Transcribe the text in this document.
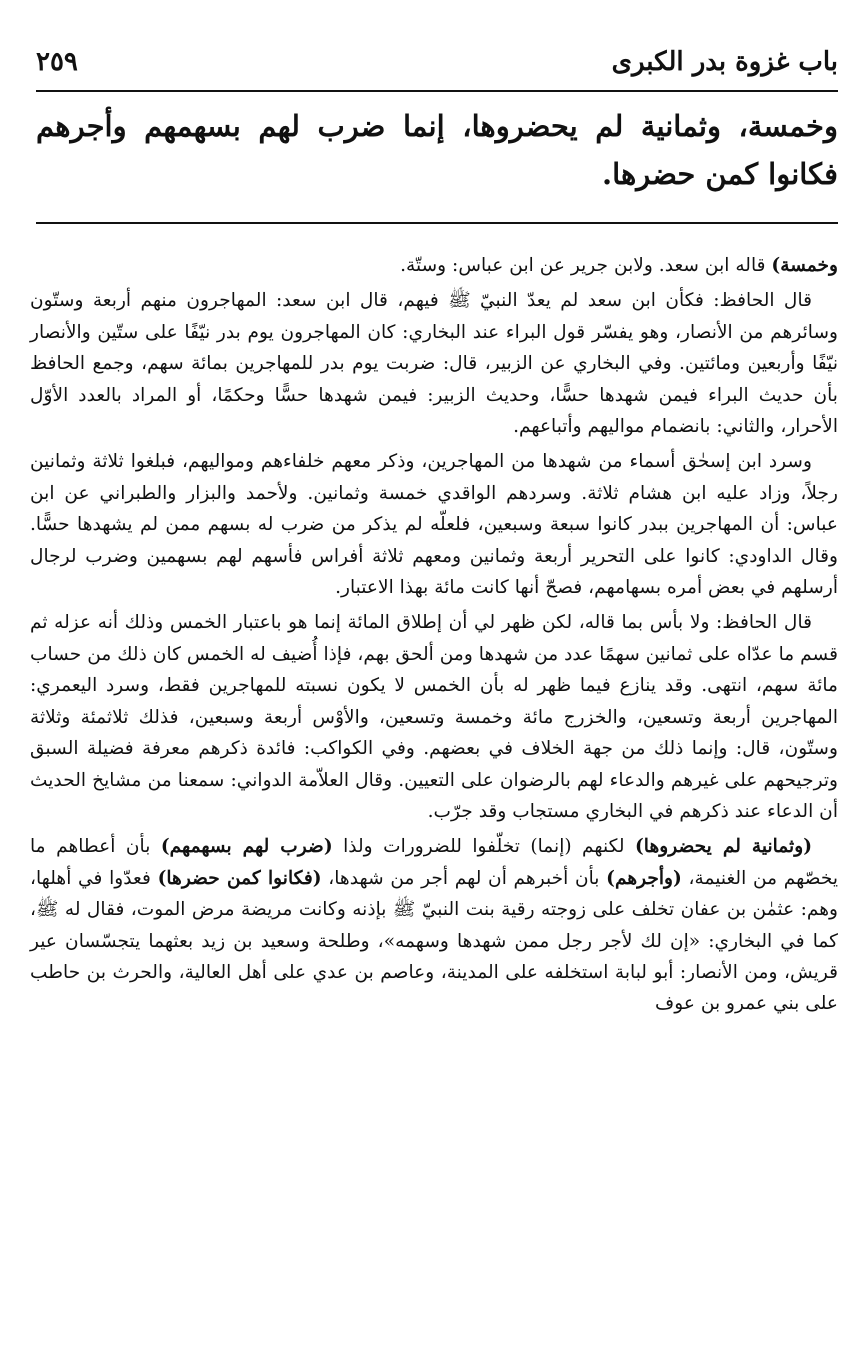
باب غزوة بدر الكبرى
٢٥٩
وخمسة، وثمانية لم يحضروها، إنما ضرب لهم بسهمهم وأجرهم فكانوا كمن حضرها.

وخمسة) قاله ابن سعد. ولابن جرير عن ابن عباس: وستّة.

قال الحافظ: فكأن ابن سعد لم يعدّ النبيّ ﷺ فيهم، قال ابن سعد: المهاجرون منهم أربعة وستّون وسائرهم من الأنصار، وهو يفسّر قول البراء عند البخاري: كان المهاجرون يوم بدر نيّفًا على ستّين والأنصار نيّفًا وأربعين ومائتين. وفي البخاري عن الزبير، قال: ضربت يوم بدر للمهاجرين بمائة سهم، وجمع الحافظ بأن حديث البراء فيمن شهدها حسًّا، وحديث الزبير: فيمن شهدها حسًّا وحكمًا، أو المراد بالعدد الأوّل الأحرار، والثاني: بانضمام مواليهم وأتباعهم.

وسرد ابن إسحٰق أسماء من شهدها من المهاجرين، وذكر معهم خلفاءهم ومواليهم، فبلغوا ثلاثة وثمانين رجلاً، وزاد عليه ابن هشام ثلاثة. وسردهم الواقدي خمسة وثمانين. ولأحمد والبزار والطبراني عن ابن عباس: أن المهاجرين ببدر كانوا سبعة وسبعين، فلعلّه لم يذكر من ضرب له بسهم ممن لم يشهدها حسًّا. وقال الداودي: كانوا على التحرير أربعة وثمانين ومعهم ثلاثة أفراس فأسهم لهم بسهمين وضرب لرجال أرسلهم في بعض أمره بسهامهم، فصحّ أنها كانت مائة بهذا الاعتبار.

قال الحافظ: ولا بأس بما قاله، لكن ظهر لي أن إطلاق المائة إنما هو باعتبار الخمس وذلك أنه عزله ثم قسم ما عدّاه على ثمانين سهمًا عدد من شهدها ومن ألحق بهم، فإذا أُضيف له الخمس كان ذلك من حساب مائة سهم، انتهى. وقد ينازع فيما ظهر له بأن الخمس لا يكون نسبته للمهاجرين فقط، وسرد اليعمري: المهاجرين أربعة وتسعين، والخزرج مائة وخمسة وتسعين، والأوْس أربعة وسبعين، فذلك ثلاثمئة وثلاثة وستّون، قال: وإنما ذلك من جهة الخلاف في بعضهم. وفي الكواكب: فائدة ذكرهم معرفة فضيلة السبق وترجيحهم على غيرهم والدعاء لهم بالرضوان على التعيين. وقال العلاّمة الدواني: سمعنا من مشايخ الحديث أن الدعاء عند ذكرهم في البخاري مستجاب وقد جرّب.

(وثمانية لم يحضروها) لكنهم (إنما) تخلّفوا للضرورات ولذا (ضرب لهم بسهمهم) بأن أعطاهم ما يخصّهم من الغنيمة، (وأجرهم) بأن أخبرهم أن لهم أجر من شهدها، (فكانوا كمن حضرها) فعدّوا في أهلها، وهم: عثمٰن بن عفان تخلف على زوجته رقية بنت النبيّ ﷺ بإذنه وكانت مريضة مرض الموت، فقال له ﷺ، كما في البخاري: «إن لك لأجر رجل ممن شهدها وسهمه»، وطلحة وسعيد بن زيد بعثهما يتجسّسان عير قريش، ومن الأنصار: أبو لبابة استخلفه على المدينة، وعاصم بن عدي على أهل العالية، والحرث بن حاطب على بني عمرو بن عوف
